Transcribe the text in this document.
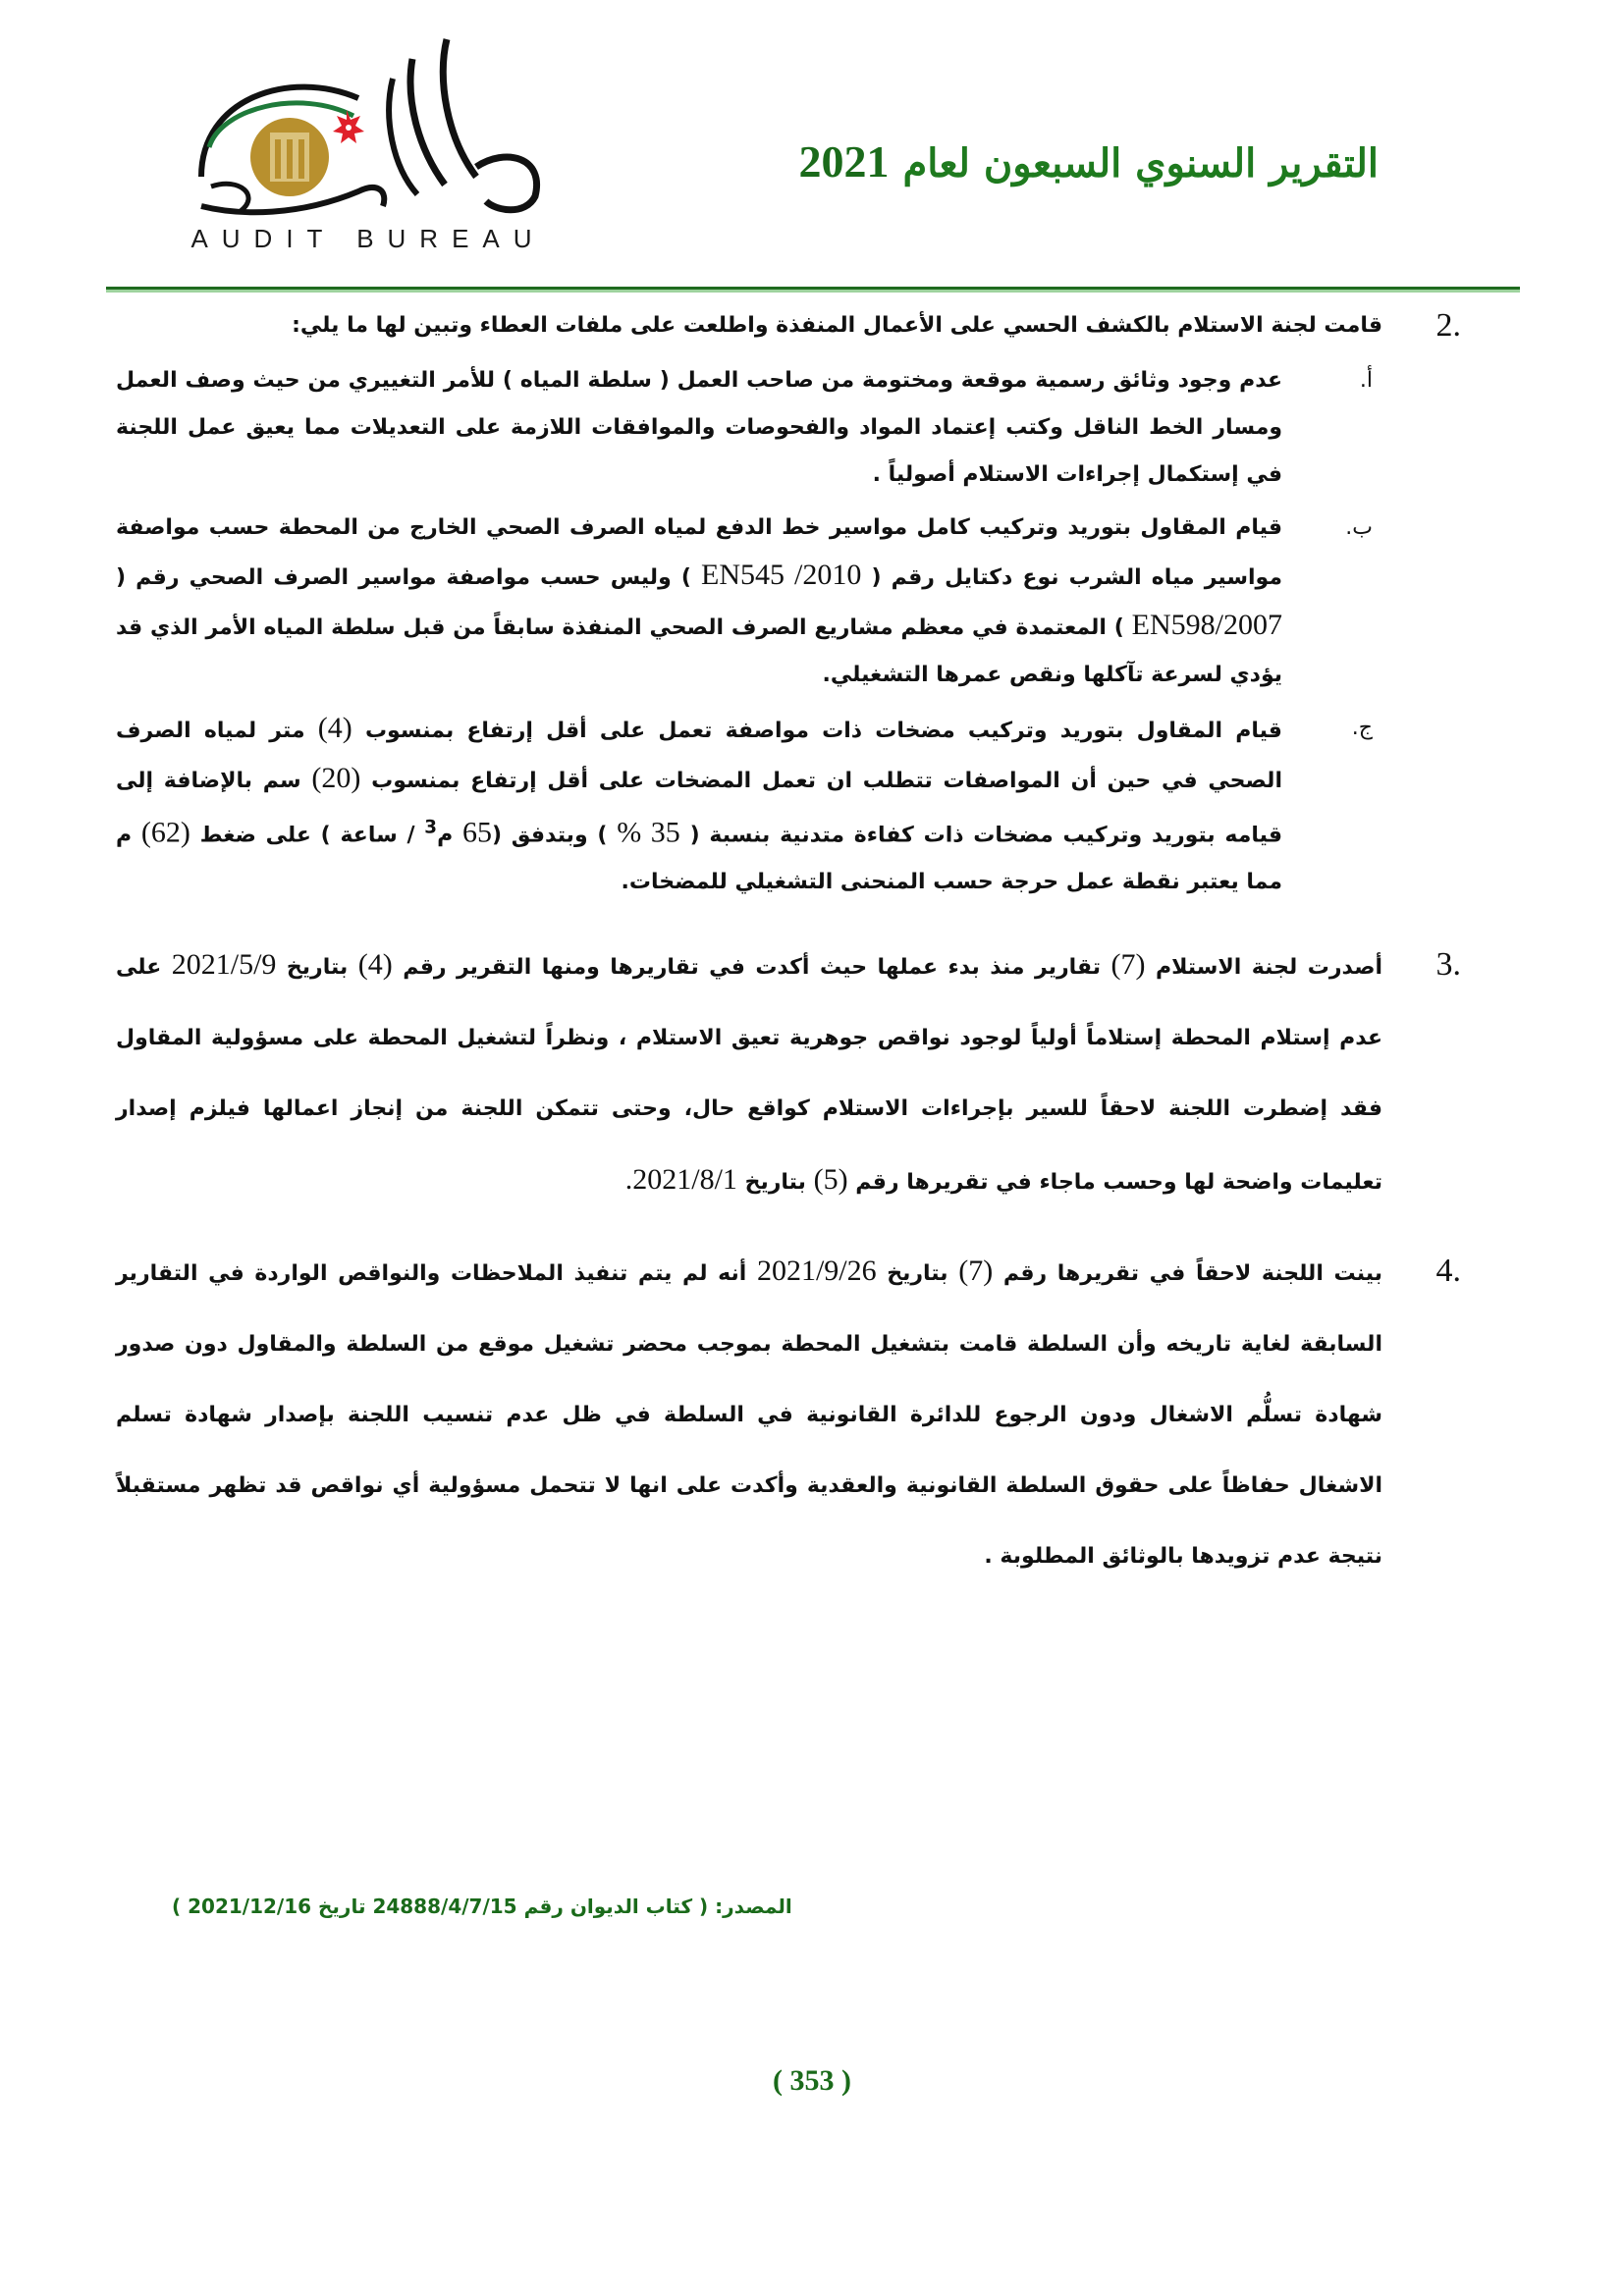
AUDIT BUREAU
التقرير السنوي السبعون لعام 2021
2.
قامت لجنة الاستلام بالكشف الحسي على الأعمال المنفذة واطلعت على ملفات العطاء وتبين لها ما يلي:
أ.
عدم وجود وثائق رسمية موقعة ومختومة من صاحب العمل ( سلطة المياه ) للأمر التغييري من حيث وصف العمل ومسار الخط الناقل وكتب إعتماد المواد والفحوصات والموافقات اللازمة على التعديلات مما يعيق عمل اللجنة في إستكمال إجراءات الاستلام أصولياً .
ب.
قيام المقاول بتوريد وتركيب كامل مواسير خط الدفع لمياه الصرف الصحي الخارج من المحطة حسب مواصفة مواسير مياه الشرب نوع دكتايل رقم ( EN545 /2010 ) وليس حسب مواصفة مواسير الصرف الصحي رقم ( EN598/2007 ) المعتمدة في معظم مشاريع الصرف الصحي المنفذة سابقاً من قبل سلطة المياه الأمر الذي قد يؤدي لسرعة تآكلها ونقص عمرها التشغيلي.
ج.
قيام المقاول بتوريد وتركيب مضخات ذات مواصفة تعمل على أقل إرتفاع بمنسوب (4) متر لمياه الصرف الصحي في حين أن المواصفات تتطلب ان تعمل المضخات على أقل إرتفاع بمنسوب (20) سم بالإضافة إلى قيامه بتوريد وتركيب مضخات ذات كفاءة متدنية بنسبة ( 35 % ) وبتدفق (65 م$^3$ / ساعة ) على ضغط (62) م مما يعتبر نقطة عمل حرجة حسب المنحنى التشغيلي للمضخات.
3.
أصدرت لجنة الاستلام (7) تقارير منذ بدء عملها حيث أكدت في تقاريرها ومنها التقرير رقم (4) بتاريخ 2021/5/9 على عدم إستلام المحطة إستلاماً أولياً لوجود نواقص جوهرية تعيق الاستلام ، ونظراً لتشغيل المحطة على مسؤولية المقاول فقد إضطرت اللجنة لاحقاً للسير بإجراءات الاستلام كواقع حال، وحتى تتمكن اللجنة من إنجاز اعمالها فيلزم إصدار تعليمات واضحة لها وحسب ماجاء في تقريرها رقم (5) بتاريخ 2021/8/1.
4.
بينت اللجنة لاحقاً في تقريرها رقم (7) بتاريخ 2021/9/26 أنه لم يتم تنفيذ الملاحظات والنواقص الواردة في التقارير السابقة لغاية تاريخه وأن السلطة قامت بتشغيل المحطة بموجب محضر تشغيل موقع من السلطة والمقاول دون صدور شهادة تسلُّم الاشغال ودون الرجوع للدائرة القانونية في السلطة في ظل عدم تنسيب اللجنة بإصدار شهادة تسلم الاشغال حفاظاً على حقوق السلطة القانونية والعقدية وأكدت على انها لا تتحمل مسؤولية أي نواقص قد تظهر مستقبلاً نتيجة عدم تزويدها بالوثائق المطلوبة .
المصدر: ( كتاب الديوان رقم 24888/4/7/15 تاريخ 2021/12/16 )
( 353 )
